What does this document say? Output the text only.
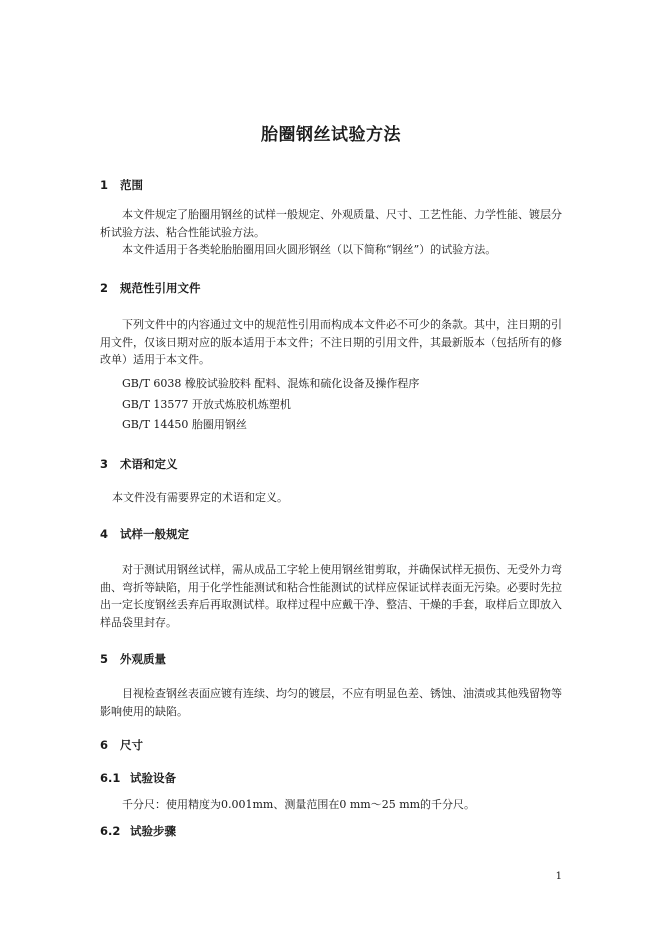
胎圈钢丝试验方法
1 范围

本文件规定了胎圈用钢丝的试样一般规定、外观质量、尺寸、工艺性能、力学性能、镀层分析试验方法、粘合性能试验方法。

本文件适用于各类轮胎胎圈用回火圆形钢丝（以下简称“钢丝”）的试验方法。

2 规范性引用文件

下列文件中的内容通过文中的规范性引用而构成本文件必不可少的条款。其中，注日期的引用文件，仅该日期对应的版本适用于本文件；不注日期的引用文件，其最新版本（包括所有的修改单）适用于本文件。

GB/T 6038 橡胶试验胶料 配料、混炼和硫化设备及操作程序

GB/T 13577 开放式炼胶机炼塑机

GB/T 14450 胎圈用钢丝

3 术语和定义

本文件没有需要界定的术语和定义。

4 试样一般规定

对于测试用钢丝试样，需从成品工字轮上使用钢丝钳剪取，并确保试样无损伤、无受外力弯曲、弯折等缺陷，用于化学性能测试和粘合性能测试的试样应保证试样表面无污染。必要时先拉出一定长度钢丝丢弃后再取测试样。取样过程中应戴干净、整洁、干燥的手套，取样后立即放入样品袋里封存。

5 外观质量

目视检查钢丝表面应镀有连续、均匀的镀层，不应有明显色差、锈蚀、油渍或其他残留物等影响使用的缺陷。

6 尺寸
6.1 试验设备

千分尺：使用精度为0.001mm、测量范围在0 mm～25 mm的千分尺。

6.2 试验步骤
1
